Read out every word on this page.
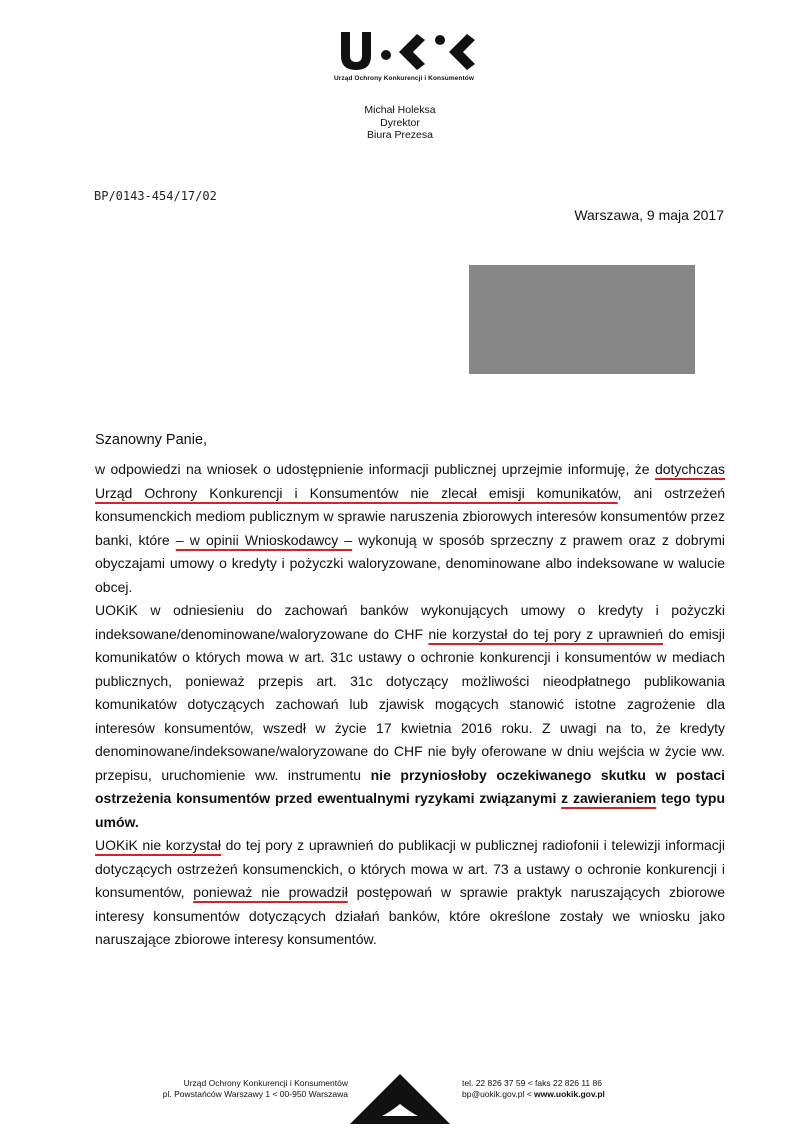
Urząd Ochrony Konkurencji i Konsumentów
Michał Holeksa
Dyrektor
Biura Prezesa
BP/0143-454/17/02
Warszawa, 9 maja 2017
Szanowny Panie,

w odpowiedzi na wniosek o udostępnienie informacji publicznej uprzejmie informuję, że dotychczas Urząd Ochrony Konkurencji i Konsumentów nie zlecał emisji komunikatów, ani ostrzeżeń konsumenckich mediom publicznym w sprawie naruszenia zbiorowych interesów konsumentów przez banki, które – w opinii Wnioskodawcy – wykonują w sposób sprzeczny z prawem oraz z dobrymi obyczajami umowy o kredyty i pożyczki waloryzowane, denominowane albo indeksowane w walucie obcej.

UOKiK w odniesieniu do zachowań banków wykonujących umowy o kredyty i pożyczki indeksowane/denominowane/waloryzowane do CHF nie korzystał do tej pory z uprawnień do emisji komunikatów o których mowa w art. 31c ustawy o ochronie konkurencji i konsumentów w mediach publicznych, ponieważ przepis art. 31c dotyczący możliwości nieodpłatnego publikowania komunikatów dotyczących zachowań lub zjawisk mogących stanowić istotne zagrożenie dla interesów konsumentów, wszedł w życie 17 kwietnia 2016 roku. Z uwagi na to, że kredyty denominowane/indeksowane/waloryzowane do CHF nie były oferowane w dniu wejścia w życie ww. przepisu, uruchomienie ww. instrumentu nie przyniosłoby oczekiwanego skutku w postaci ostrzeżenia konsumentów przed ewentualnymi ryzykami związanymi z zawieraniem tego typu umów.

UOKiK nie korzystał do tej pory z uprawnień do publikacji w publicznej radiofonii i telewizji informacji dotyczących ostrzeżeń konsumenckich, o których mowa w art. 73 a ustawy o ochronie konkurencji i konsumentów, ponieważ nie prowadził postępowań w sprawie praktyk naruszających zbiorowe interesy konsumentów dotyczących działań banków, które określone zostały we wniosku jako naruszające zbiorowe interesy konsumentów.

Urząd Ochrony Konkurencji i Konsumentów
pl. Powstańców Warszawy 1 < 00-950 Warszawa
tel. 22 826 37 59 < faks 22 826 11 86
bp@uokik.gov.pl < www.uokik.gov.pl
